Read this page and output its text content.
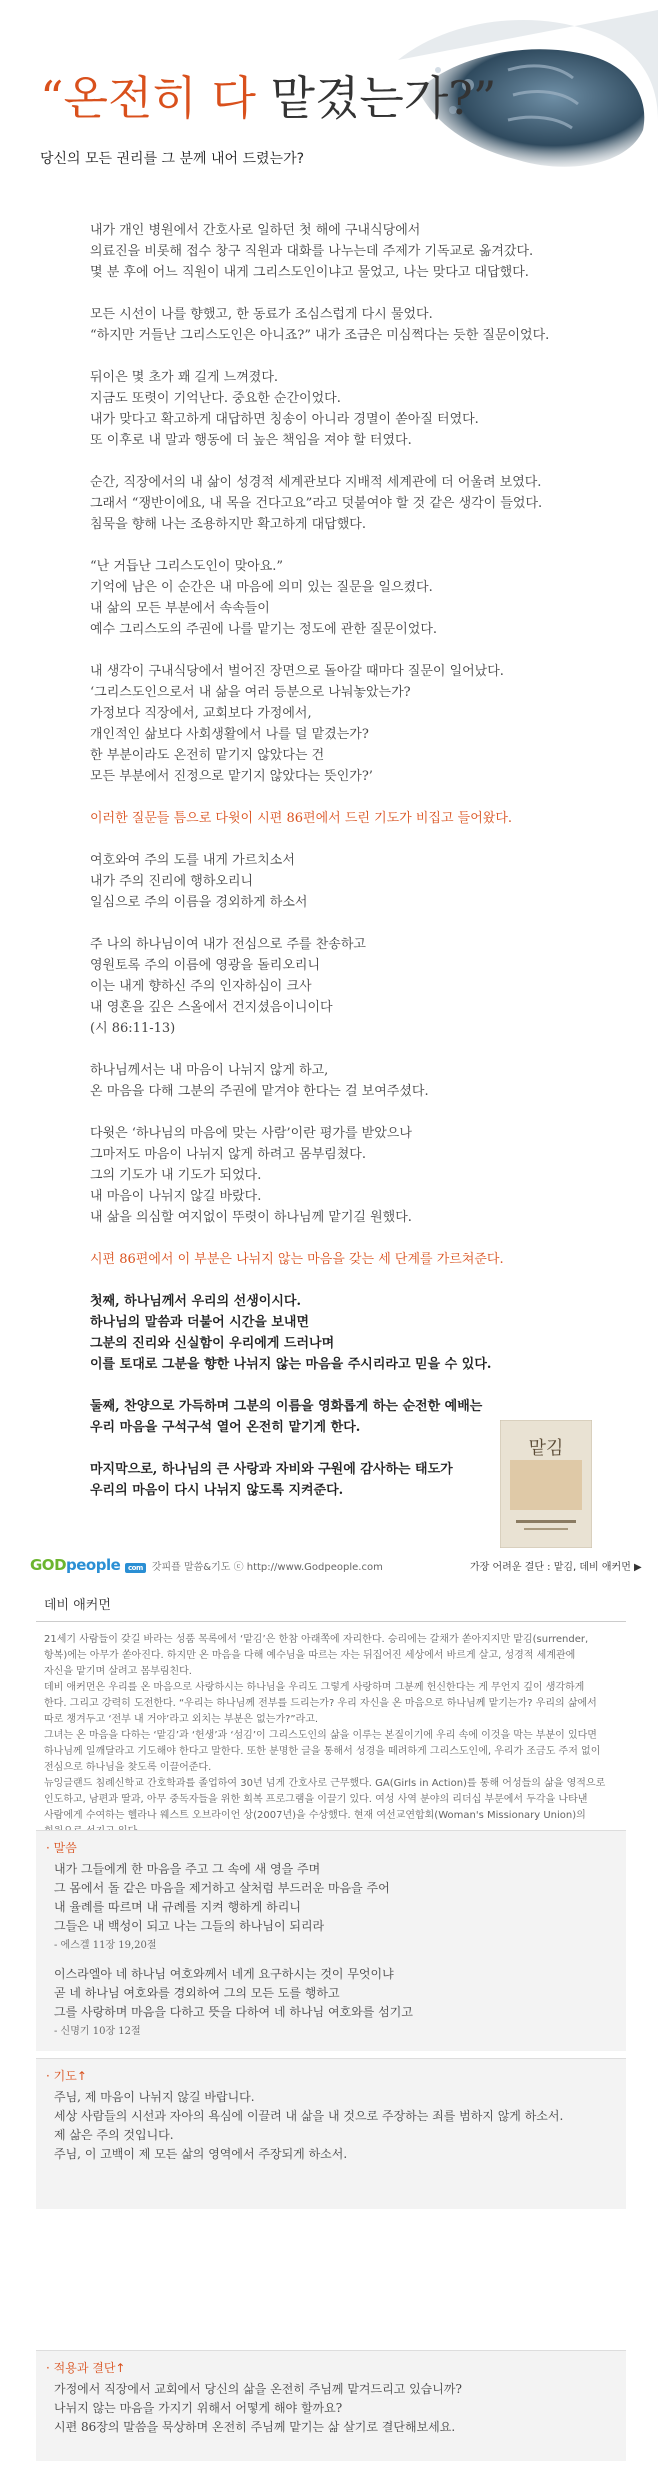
“온전히 다 맡겼는가?”
당신의 모든 권리를 그 분께 내어 드렸는가?

내가 개인 병원에서 간호사로 일하던 첫 해에 구내식당에서
의료진을 비롯해 접수 창구 직원과 대화를 나누는데 주제가 기독교로 옮겨갔다.
몇 분 후에 어느 직원이 내게 그리스도인이냐고 물었고, 나는 맞다고 대답했다.

모든 시선이 나를 향했고, 한 동료가 조심스럽게 다시 물었다.
“하지만 거들난 그리스도인은 아니죠?” 내가 조금은 미심쩍다는 듯한 질문이었다.

뒤이은 몇 초가 꽤 길게 느껴졌다.
지금도 또렷이 기억난다. 중요한 순간이었다.
내가 맞다고 확고하게 대답하면 칭송이 아니라 경멸이 쏟아질 터였다.
또 이후로 내 말과 행동에 더 높은 책임을 져야 할 터였다.

순간, 직장에서의 내 삶이 성경적 세계관보다 지배적 세계관에 더 어울려 보였다.
그래서 “쟁반이에요, 내 목을 건다고요”라고 덧붙여야 할 것 같은 생각이 들었다.
침묵을 향해 나는 조용하지만 확고하게 대답했다.

“난 거듭난 그리스도인이 맞아요.”
기억에 남은 이 순간은 내 마음에 의미 있는 질문을 일으켰다.
내 삶의 모든 부분에서 속속들이
예수 그리스도의 주권에 나를 맡기는 정도에 관한 질문이었다.

내 생각이 구내식당에서 벌어진 장면으로 돌아갈 때마다 질문이 일어났다.
‘그리스도인으로서 내 삶을 여러 등분으로 나눠놓았는가?
가정보다 직장에서, 교회보다 가정에서,
개인적인 삶보다 사회생활에서 나를 덜 맡겼는가?
한 부분이라도 온전히 맡기지 않았다는 건
모든 부분에서 진정으로 맡기지 않았다는 뜻인가?’

이러한 질문들 틈으로 다윗이 시편 86편에서 드린 기도가 비집고 들어왔다.

여호와여 주의 도를 내게 가르치소서
내가 주의 진리에 행하오리니
일심으로 주의 이름을 경외하게 하소서

주 나의 하나님이여 내가 전심으로 주를 찬송하고
영원토록 주의 이름에 영광을 돌리오리니
이는 내게 향하신 주의 인자하심이 크사
내 영혼을 깊은 스올에서 건지셨음이니이다
(시 86:11-13)

하나님께서는 내 마음이 나뉘지 않게 하고,
온 마음을 다해 그분의 주권에 맡겨야 한다는 걸 보여주셨다.

다윗은 ‘하나님의 마음에 맞는 사람’이란 평가를 받았으나
그마저도 마음이 나뉘지 않게 하려고 몸부림쳤다.
그의 기도가 내 기도가 되었다.
내 마음이 나뉘지 않길 바랐다.
내 삶을 의심할 여지없이 뚜렷이 하나님께 맡기길 원했다.

시편 86편에서 이 부분은 나뉘지 않는 마음을 갖는 세 단계를 가르쳐준다.

첫째, 하나님께서 우리의 선생이시다.
하나님의 말씀과 더불어 시간을 보내면
그분의 진리와 신실함이 우리에게 드러나며
이를 토대로 그분을 향한 나뉘지 않는 마음을 주시리라고 믿을 수 있다.

둘째, 찬양으로 가득하며 그분의 이름을 영화롭게 하는 순전한 예배는
우리 마음을 구석구석 열어 온전히 맡기게 한다.

마지막으로, 하나님의 큰 사랑과 자비와 구원에 감사하는 태도가
우리의 마음이 다시 나뉘지 않도록 지켜준다.

맡김
가장 어려운 결단 : 맡김, 데비 애커먼 ▶
GODpeople com 갓피플 말씀&기도 ⓒ http://www.Godpeople.com
데비 애커먼
21세기 사람들이 갖길 바라는 성품 목록에서 ‘맡김’은 한참 아래쪽에 자리한다. 승리에는 갈채가 쏟아지지만 맡김(surrender,
항복)에는 아무가 쏟아진다. 하지만 온 마음을 다해 예수님을 따르는 자는 뒤집어진 세상에서 바르게 살고, 성경적 세계관에
자신을 맡기며 살려고 몸부림친다.
데비 애커먼은 우리를 온 마음으로 사랑하시는 하나님을 우리도 그렇게 사랑하며 그분께 헌신한다는 게 무언지 깊이 생각하게
한다. 그리고 강력히 도전한다. “우리는 하나님께 전부를 드리는가? 우리 자신을 온 마음으로 하나님께 맡기는가? 우리의 삶에서
따로 챙겨두고 ‘전부 내 거야’라고 외치는 부분은 없는가?”라고.
그녀는 온 마음을 다하는 ‘맡김’과 ‘헌생’과 ‘섬김’이 그리스도인의 삶을 이루는 본질이기에 우리 속에 이것을 막는 부분이 있다면
하나님께 일깨달라고 기도해야 한다고 말한다. 또한 분명한 글을 통해서 성경을 떼려하게 그리스도인에, 우리가 조금도 주저 없이
전심으로 하나님을 찾도록 이끌어준다.
뉴잉글랜드 침례신학교 간호학과를 졸업하여 30년 넘게 간호사로 근무했다. GA(Girls in Action)를 통해 어성들의 삶을 영적으로
인도하고, 남편과 딸과, 아무 중독자들을 위한 회복 프로그램을 이끌기 있다. 여성 사역 분야의 리더십 부문에서 두각을 나타낸
사람에게 수여하는 헬라나 웨스트 오브라이언 상(2007년)을 수상했다. 현재 여선교연합회(Woman's Missionary Union)의

· 말씀
내가 그들에게 한 마음을 주고 그 속에 새 영을 주며
그 몸에서 돌 같은 마음을 제거하고 살처럼 부드러운 마음을 주어
내 율례를 따르며 내 규례를 지켜 행하게 하리니
그들은 내 백성이 되고 나는 그들의 하나님이 되리라
- 에스겔 11장 19,20절
이스라엘아 네 하나님 여호와께서 네게 요구하시는 것이 무엇이냐
곧 네 하나님 여호와를 경외하여 그의 모든 도를 행하고
그를 사랑하며 마음을 다하고 뜻을 다하여 네 하나님 여호와를 섬기고
- 신명기 10장 12절
· 기도↑
주님, 제 마음이 나뉘지 않길 바랍니다.
세상 사람들의 시선과 자아의 욕심에 이끌려 내 삶을 내 것으로 주장하는 죄를 범하지 않게 하소서.
제 삶은 주의 것입니다.
주님, 이 고백이 제 모든 삶의 영역에서 주장되게 하소서.
· 적용과 결단↑
가정에서 직장에서 교회에서 당신의 삶을 온전히 주님께 맡겨드리고 있습니까?
나뉘지 않는 마음을 가지기 위해서 어떻게 해야 할까요?
시편 86장의 말씀을 묵상하며 온전히 주님께 맡기는 삶 살기로 결단해보세요.
